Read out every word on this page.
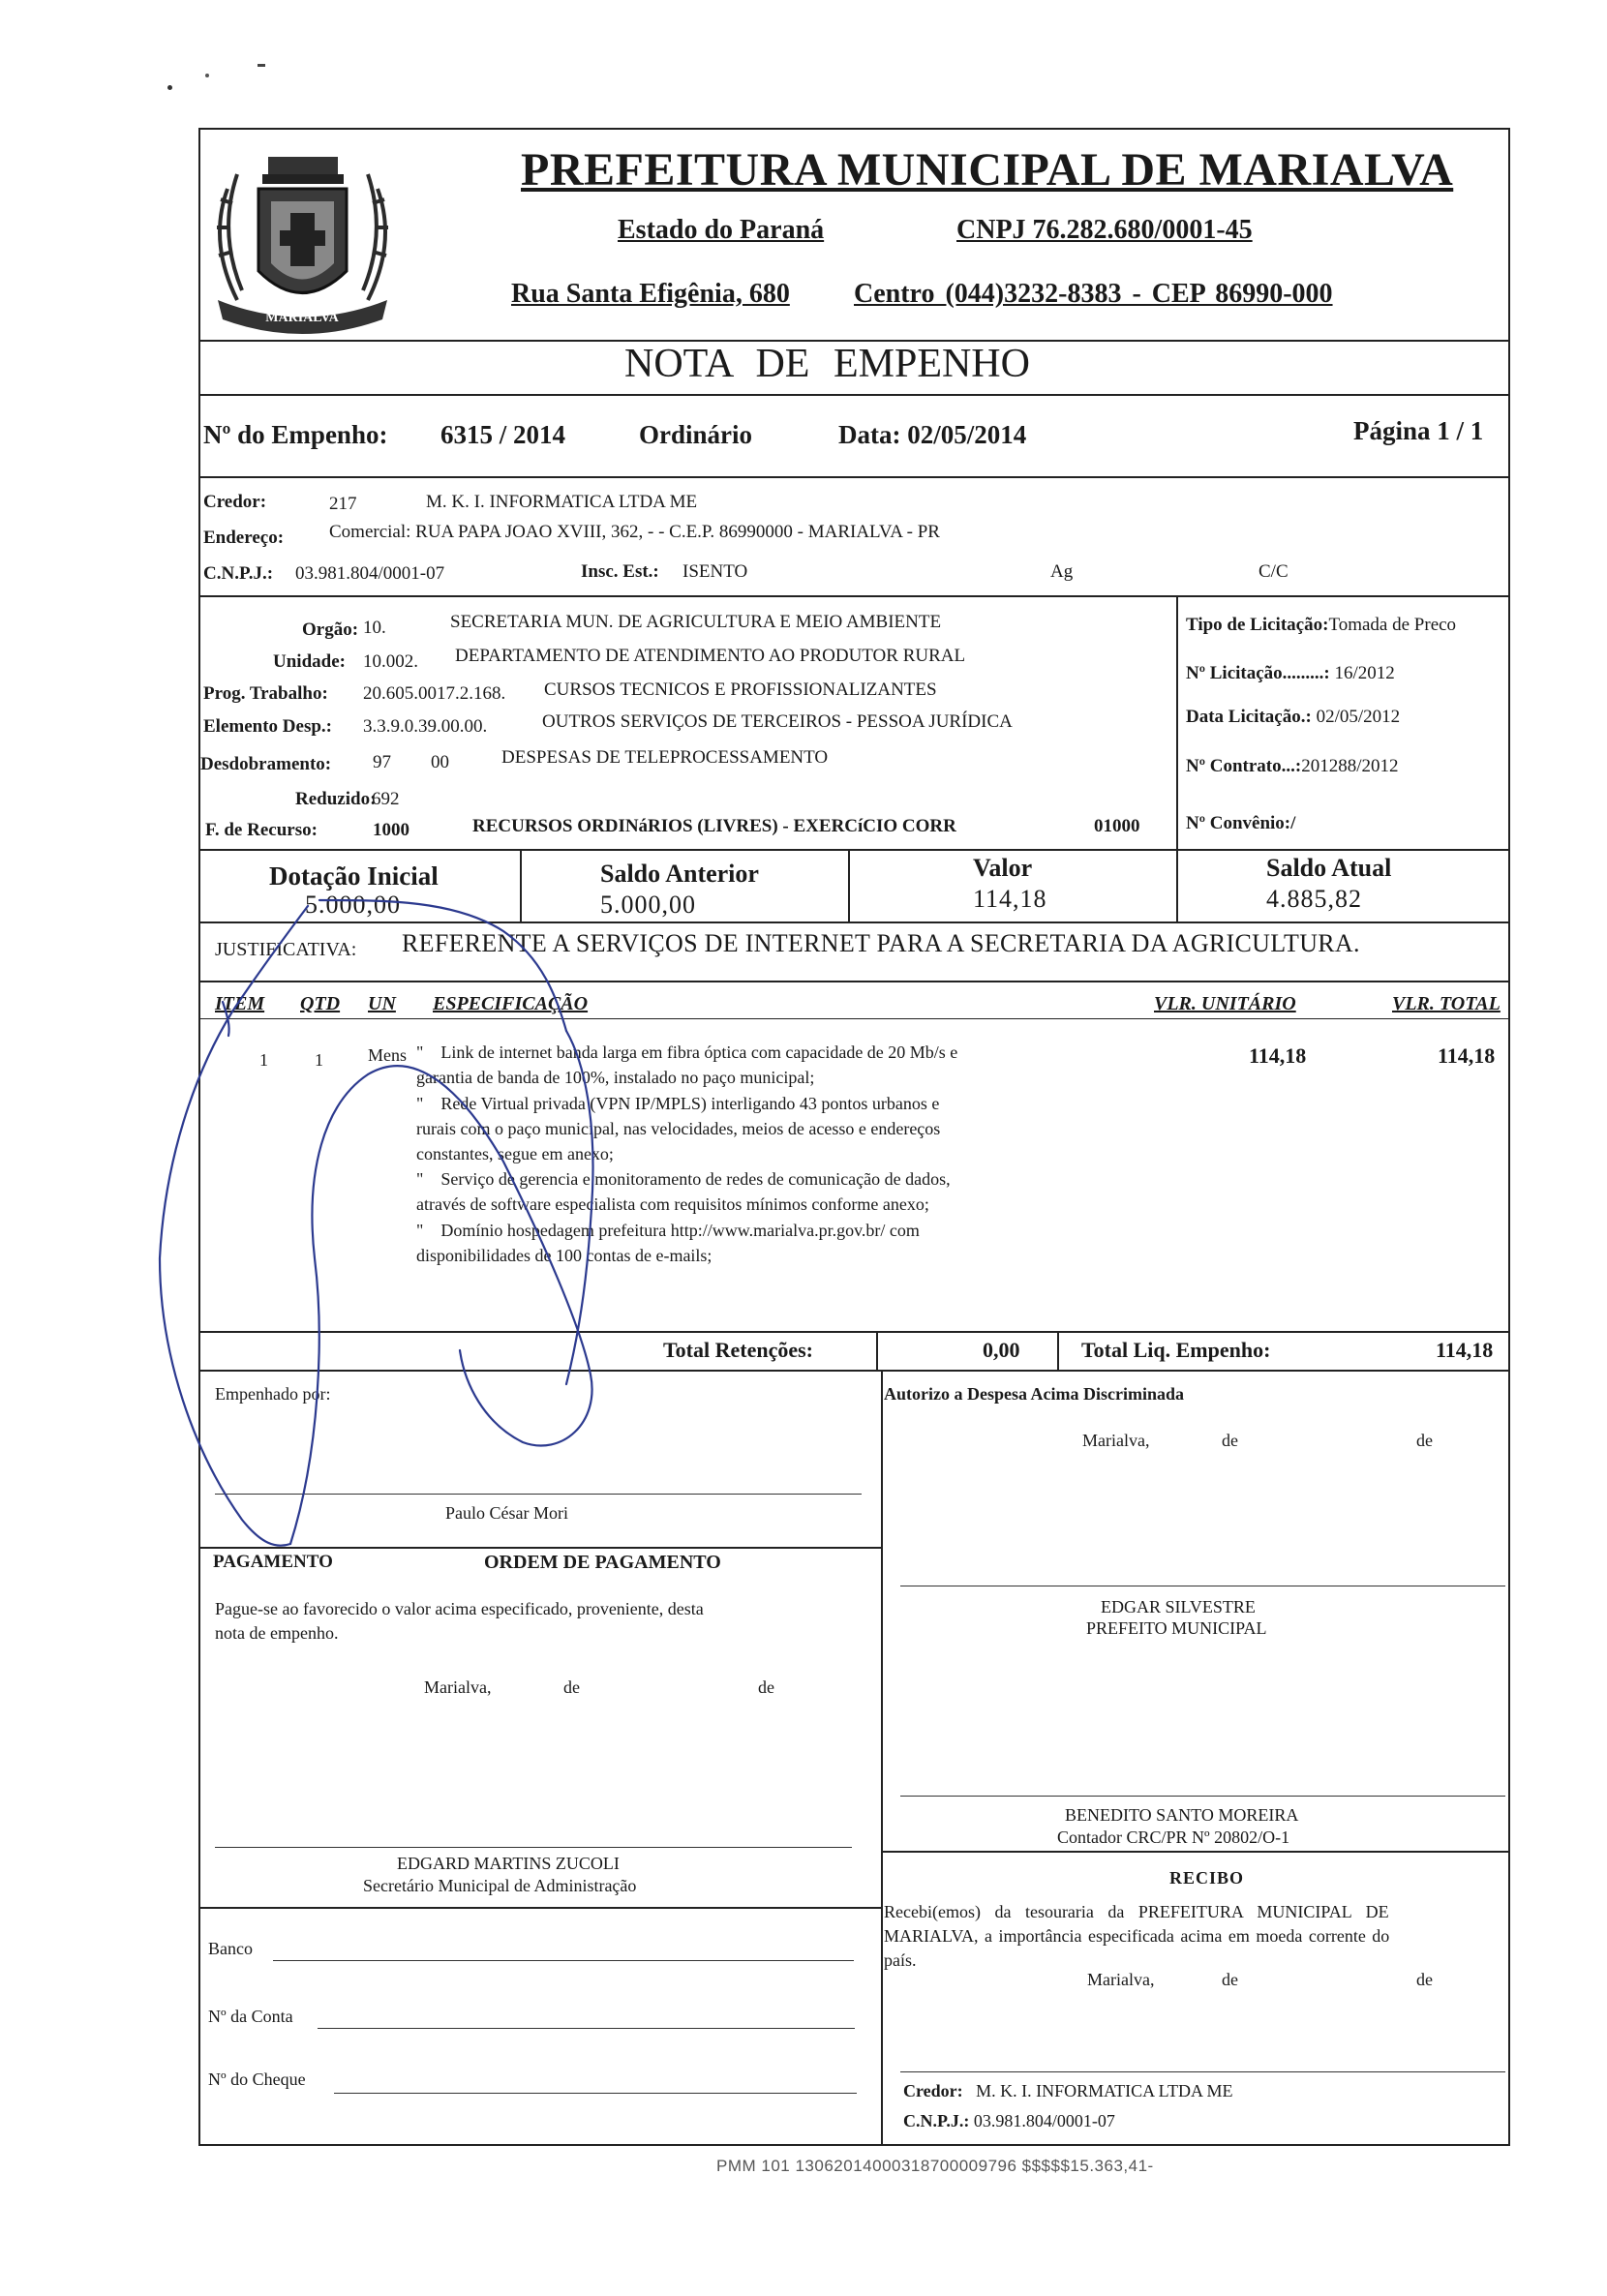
MARIALVA
PREFEITURA MUNICIPAL DE MARIALVA
Estado do Paraná	CNPJ 76.282.680/0001-45
Rua Santa Efigênia, 680 Centro (044)3232-8383 - CEP 86990-000
NOTA DE EMPENHO
Nº do Empenho: 6315 / 2014	Ordinário	Data: 02/05/2014	Página 1 / 1
Credor:	217	M. K. I. INFORMATICA LTDA ME
Endereço: Comercial: RUA PAPA JOAO XVIII, 362, - - C.E.P. 86990000 - MARIALVA - PR
C.N.P.J.: 03.981.804/0001-07	Insc. Est.: ISENTO	Ag	C/C
Orgão: 10.	SECRETARIA MUN. DE AGRICULTURA E MEIO AMBIENTE
Unidade: 10.002. DEPARTAMENTO DE ATENDIMENTO AO PRODUTOR RURAL
Prog. Trabalho: 20.605.0017.2.168. CURSOS TECNICOS E PROFISSIONALIZANTES
Elemento Desp.: 3.3.9.0.39.00.00.	OUTROS SERVIÇOS DE TERCEIROS - PESSOA JURÍDICA
Desdobramento: 97 00	DESPESAS DE TELEPROCESSAMENTO
Reduzido:
692
F. de Recurso:	1000	RECURSOS ORDINáRIOS (LIVRES) - EXERCíCIO CORR	01000
Tipo de Licitação:Tomada de Preco
Nº Licitação.........: 16/2012
Data Licitação.: 02/05/2012
Nº Contrato...:201288/2012
Nº Convênio:/
Dotação Inicial
5.000,00
Saldo Anterior
5.000,00
Valor
114,18
Saldo Atual
4.885,82
JUSTIFICATIVA: REFERENTE A SERVIÇOS DE INTERNET PARA A SECRETARIA DA AGRICULTURA.
ITEM QTD UN ESPECIFICAÇÃO	VLR. UNITÁRIO	VLR. TOTAL
1	1	Mens "    Link de internet banda larga em fibra óptica com capacidade de 20 Mb/s e
garantia de banda de 100%, instalado no paço municipal;
"    Rede Virtual privada (VPN IP/MPLS) interligando 43 pontos urbanos e
rurais com o paço municipal, nas velocidades, meios de acesso e endereços
constantes, segue em anexo;
"    Serviço de gerencia e monitoramento de redes de comunicação de dados,
através de software especialista com requisitos mínimos conforme anexo;
"    Domínio hospedagem prefeitura http://www.marialva.pr.gov.br/ com
disponibilidades de 100 contas de e-mails;
114,18	114,18
Total Retenções:	0,00	Total Liq. Empenho:	114,18
Empenhado por:
Paulo César Mori
Autorizo a Despesa Acima Discriminada
Marialva,	de	de
EDGAR SILVESTRE
PREFEITO MUNICIPAL
PAGAMENTO	ORDEM DE PAGAMENTO
Pague-se ao favorecido o valor acima especificado, proveniente, desta
nota de empenho.
Marialva,	de	de
EDGARD MARTINS ZUCOLI
Secretário Municipal de Administração
Banco
Nº da Conta
Nº do Cheque
BENEDITO SANTO MOREIRA
Contador CRC/PR Nº 20802/O-1
RECIBO
Recebi(emos) da tesouraria da PREFEITURA MUNICIPAL DE
MARIALVA, a importância especificada acima em moeda corrente do
país.
Marialva,	de	de
Credor: M. K. I. INFORMATICA LTDA ME
C.N.P.J.: 03.981.804/0001-07
PMM 101 13062014000318700009796 $$$$$15.363,41-
